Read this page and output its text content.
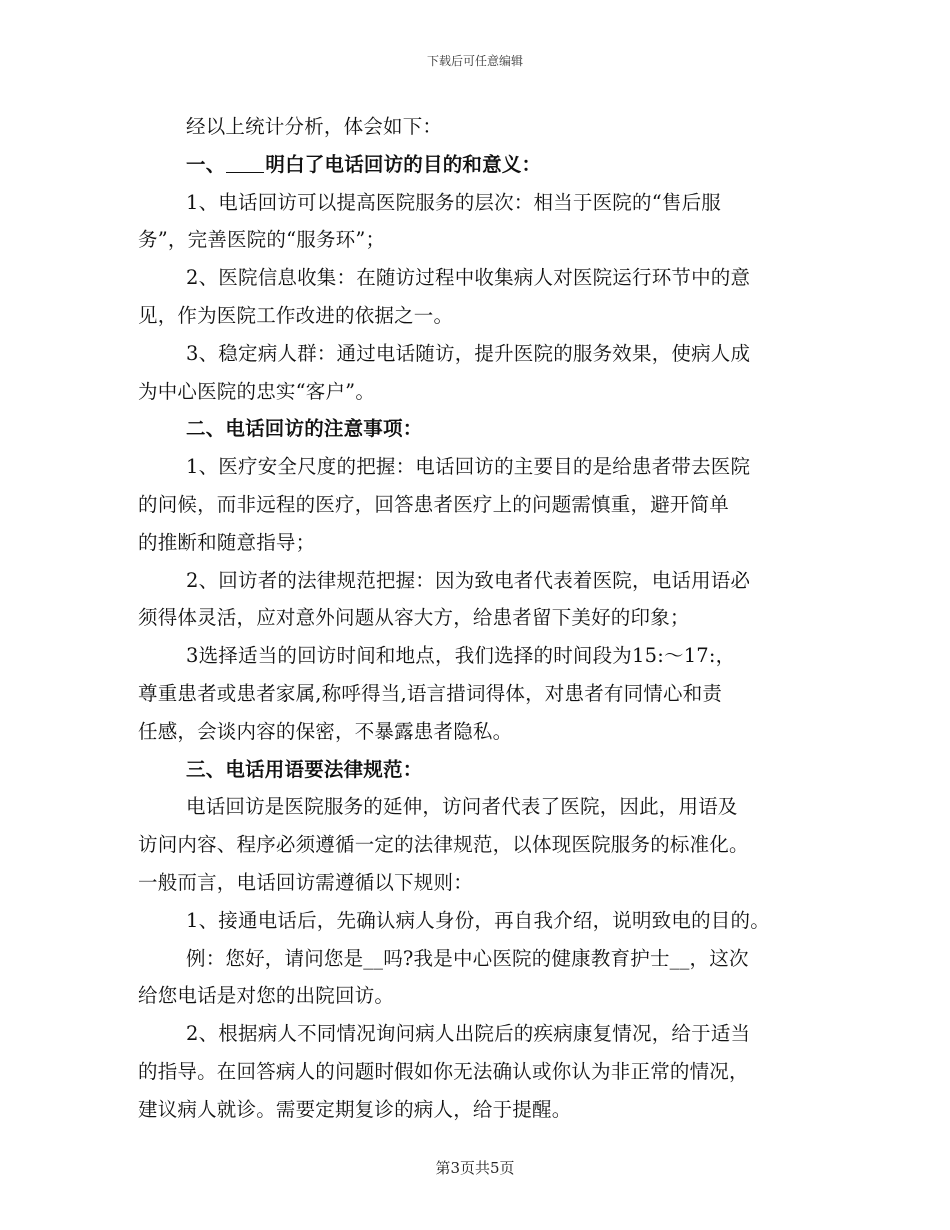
下载后可任意编辑
经以上统计分析，体会如下：
一、 明白了电话回访的目的和意义：
1、电话回访可以提高医院服务的层次：相当于医院的“售后服
务”，完善医院的“服务环”；
2、医院信息收集：在随访过程中收集病人对医院运行环节中的意
见，作为医院工作改进的依据之一。
3、稳定病人群：通过电话随访，提升医院的服务效果，使病人成
为中心医院的忠实“客户”。
二、电话回访的注意事项：
1、医疗安全尺度的把握：电话回访的主要目的是给患者带去医院
的问候，而非远程的医疗，回答患者医疗上的问题需慎重，避开简单
的推断和随意指导；
2、回访者的法律规范把握：因为致电者代表着医院，电话用语必
须得体灵活，应对意外问题从容大方，给患者留下美好的印象；
3选择适当的回访时间和地点，我们选择的时间段为15:～17:，
尊重患者或患者家属,称呼得当,语言措词得体，对患者有同情心和责
任感，会谈内容的保密，不暴露患者隐私。
三、电话用语要法律规范：
电话回访是医院服务的延伸，访问者代表了医院，因此，用语及
访问内容、程序必须遵循一定的法律规范，以体现医院服务的标准化。
一般而言，电话回访需遵循以下规则：
1、接通电话后，先确认病人身份，再自我介绍，说明致电的目的。
例：您好，请问您是__吗?我是中心医院的健康教育护士__，这次
给您电话是对您的出院回访。
2、根据病人不同情况询问病人出院后的疾病康复情况，给于适当
的指导。在回答病人的问题时假如你无法确认或你认为非正常的情况，
建议病人就诊。需要定期复诊的病人，给于提醒。
第3页共5页
